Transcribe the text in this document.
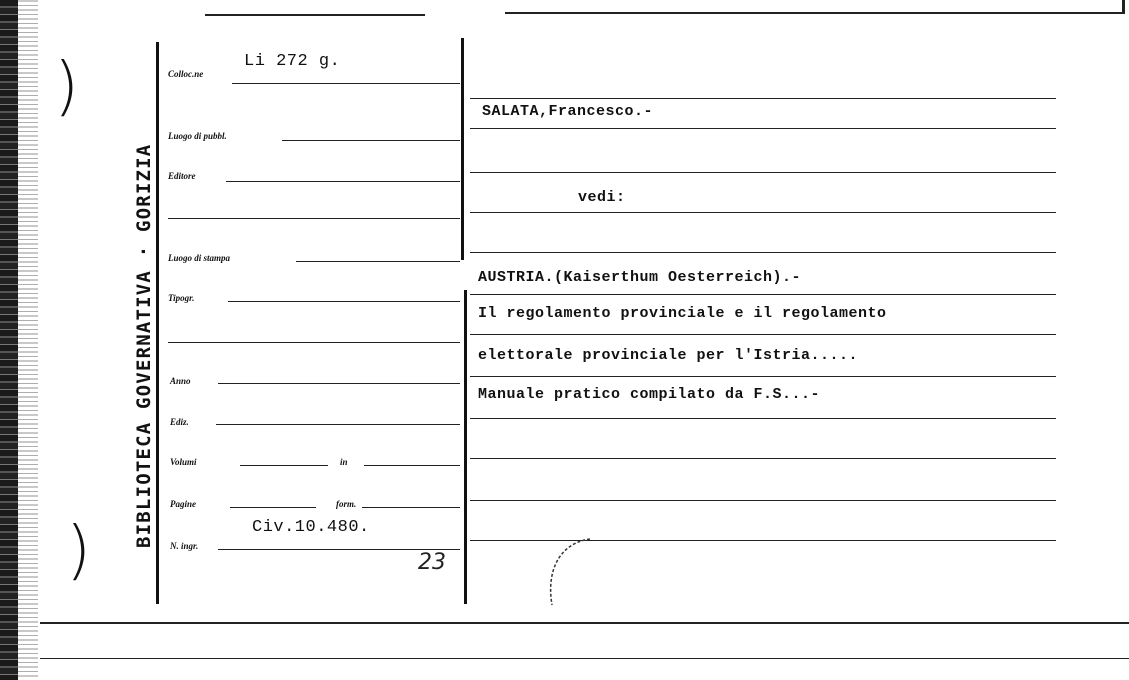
)
)
BIBLIOTECA GOVERNATIVA · GORIZIA
Colloc.ne
Li 272 g.
Luogo di pubbl.
Editore
Luogo di stampa
Tipogr.
Anno
Ediz.
Volumi	in
Pagine	form.
N. ingr.
Civ.10.480.
23
SALATA,Francesco.-
vedi:
AUSTRIA.(Kaiserthum Oesterreich).-
Il regolamento provinciale e il regolamento
elettorale provinciale per l'Istria.....
Manuale pratico compilato da F.S...-
